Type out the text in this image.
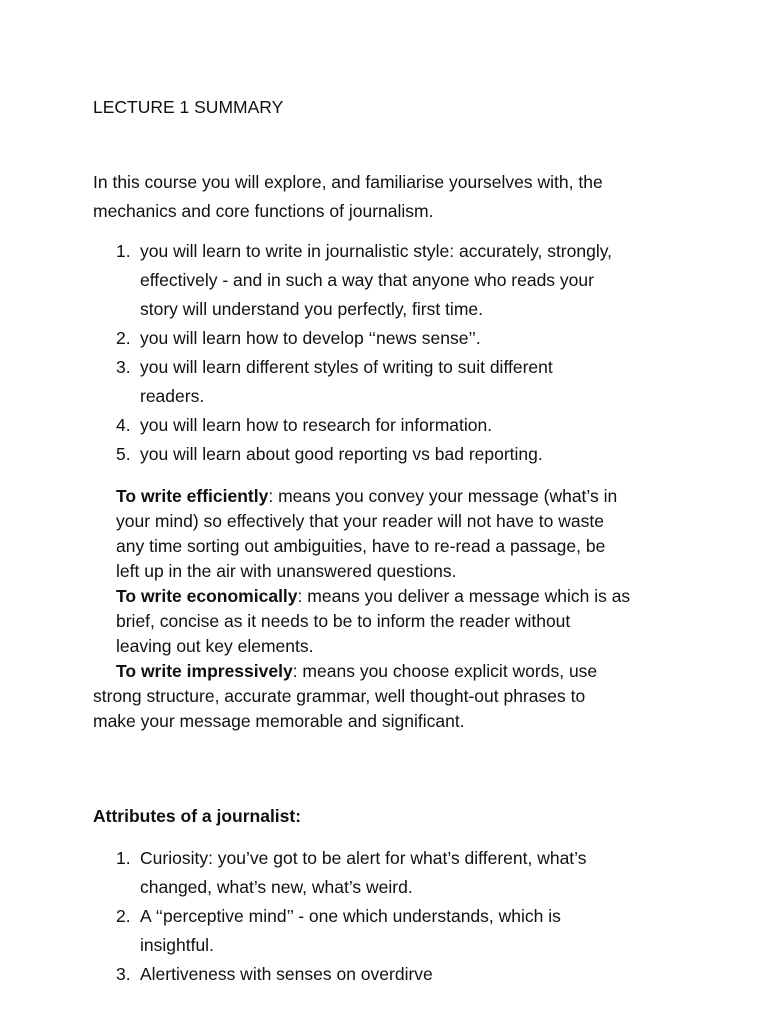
LECTURE 1 SUMMARY
In this course you will explore, and familiarise yourselves with, the
mechanics and core functions of journalism.
1. you will learn to write in journalistic style: accurately, strongly,
effectively - and in such a way that anyone who reads your
story will understand you perfectly, first time.
2. you will learn how to develop ‘‘news sense’’.
3. you will learn different styles of writing to suit different
readers.
4. you will learn how to research for information.
5. you will learn about good reporting vs bad reporting.
To write efficiently: means you convey your message (what’s in
your mind) so effectively that your reader will not have to waste
any time sorting out ambiguities, have to re-read a passage, be
left up in the air with unanswered questions.
To write economically: means you deliver a message which is as
brief, concise as it needs to be to inform the reader without
leaving out key elements.
To write impressively: means you choose explicit words, use
strong structure, accurate grammar, well thought-out phrases to
make your message memorable and significant.
Attributes of a journalist:
1. Curiosity: you’ve got to be alert for what’s different, what’s
changed, what’s new, what’s weird.
2. A ‘‘perceptive mind’’ - one which understands, which is
insightful.
3. Alertiveness with senses on overdirve
